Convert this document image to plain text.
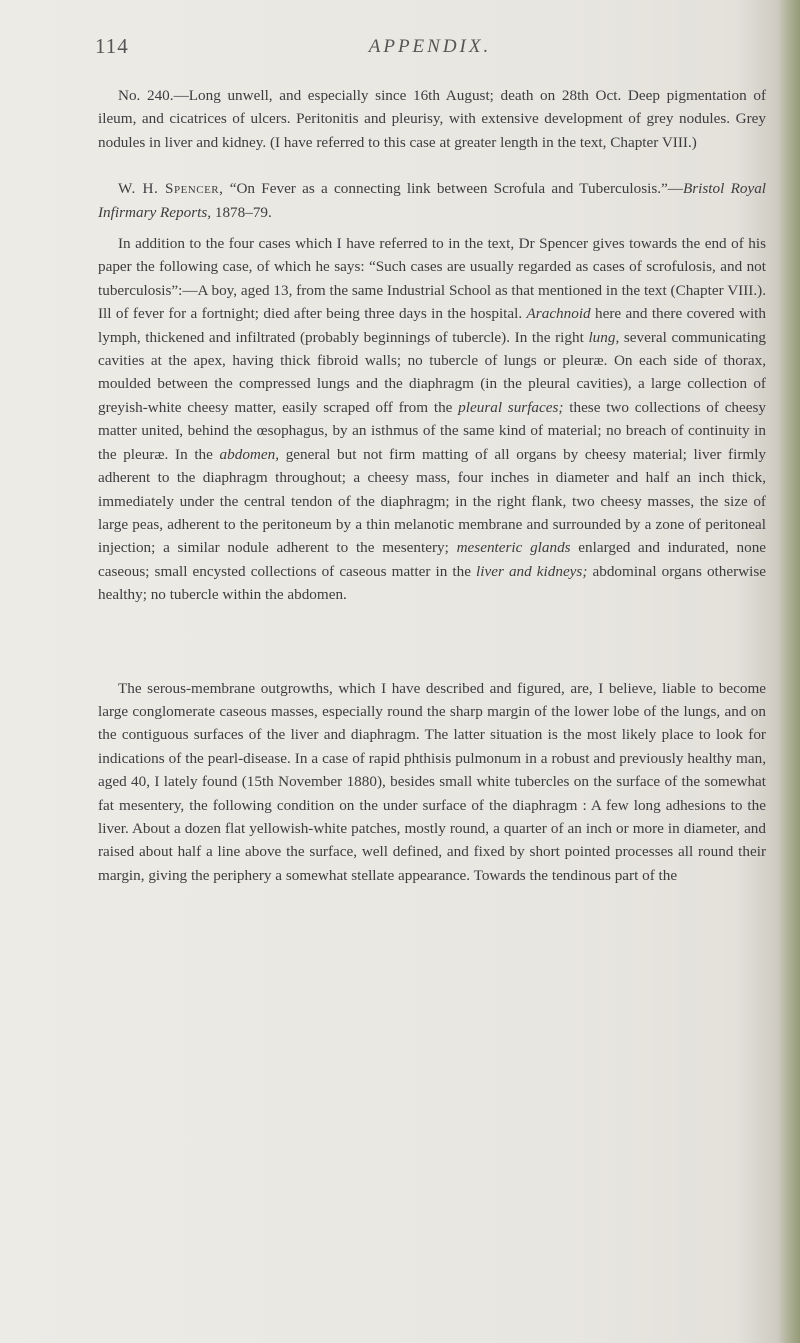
114	APPENDIX.

No. 240.—Long unwell, and especially since 16th August; death on 28th Oct. Deep pigmentation of ileum, and cicatrices of ulcers. Peritonitis and pleurisy, with extensive development of grey nodules. Grey nodules in liver and kidney. (I have referred to this case at greater length in the text, Chapter VIII.)

W. H. Spencer, “On Fever as a connecting link between Scrofula and Tuberculosis.”—Bristol Royal Infirmary Reports, 1878–79.

In addition to the four cases which I have referred to in the text, Dr Spencer gives towards the end of his paper the following case, of which he says: “Such cases are usually regarded as cases of scrofulosis, and not tuberculosis”:—A boy, aged 13, from the same Industrial School as that mentioned in the text (Chapter VIII.). Ill of fever for a fortnight; died after being three days in the hospital. Arachnoid here and there covered with lymph, thickened and infiltrated (probably beginnings of tubercle). In the right lung, several communicating cavities at the apex, having thick fibroid walls; no tubercle of lungs or pleuræ. On each side of thorax, moulded between the compressed lungs and the diaphragm (in the pleural cavities), a large collection of greyish-white cheesy matter, easily scraped off from the pleural surfaces; these two collections of cheesy matter united, behind the œsophagus, by an isthmus of the same kind of material; no breach of continuity in the pleuræ. In the abdomen, general but not firm matting of all organs by cheesy material; liver firmly adherent to the diaphragm throughout; a cheesy mass, four inches in diameter and half an inch thick, immediately under the central tendon of the diaphragm; in the right flank, two cheesy masses, the size of large peas, adherent to the peritoneum by a thin melanotic membrane and surrounded by a zone of peritoneal injection; a similar nodule adherent to the mesentery; mesenteric glands enlarged and indurated, none caseous; small encysted collections of caseous matter in the liver and kidneys; abdominal organs otherwise healthy; no tubercle within the abdomen.

The serous-membrane outgrowths, which I have described and figured, are, I believe, liable to become large conglomerate caseous masses, especially round the sharp margin of the lower lobe of the lungs, and on the contiguous surfaces of the liver and diaphragm. The latter situation is the most likely place to look for indications of the pearl-disease. In a case of rapid phthisis pulmonum in a robust and previously healthy man, aged 40, I lately found (15th November 1880), besides small white tubercles on the surface of the somewhat fat mesentery, the following condition on the under surface of the diaphragm : A few long adhesions to the liver. About a dozen flat yellowish-white patches, mostly round, a quarter of an inch or more in diameter, and raised about half a line above the surface, well defined, and fixed by short pointed processes all round their margin, giving the periphery a somewhat stellate appearance. Towards the tendinous part of the
